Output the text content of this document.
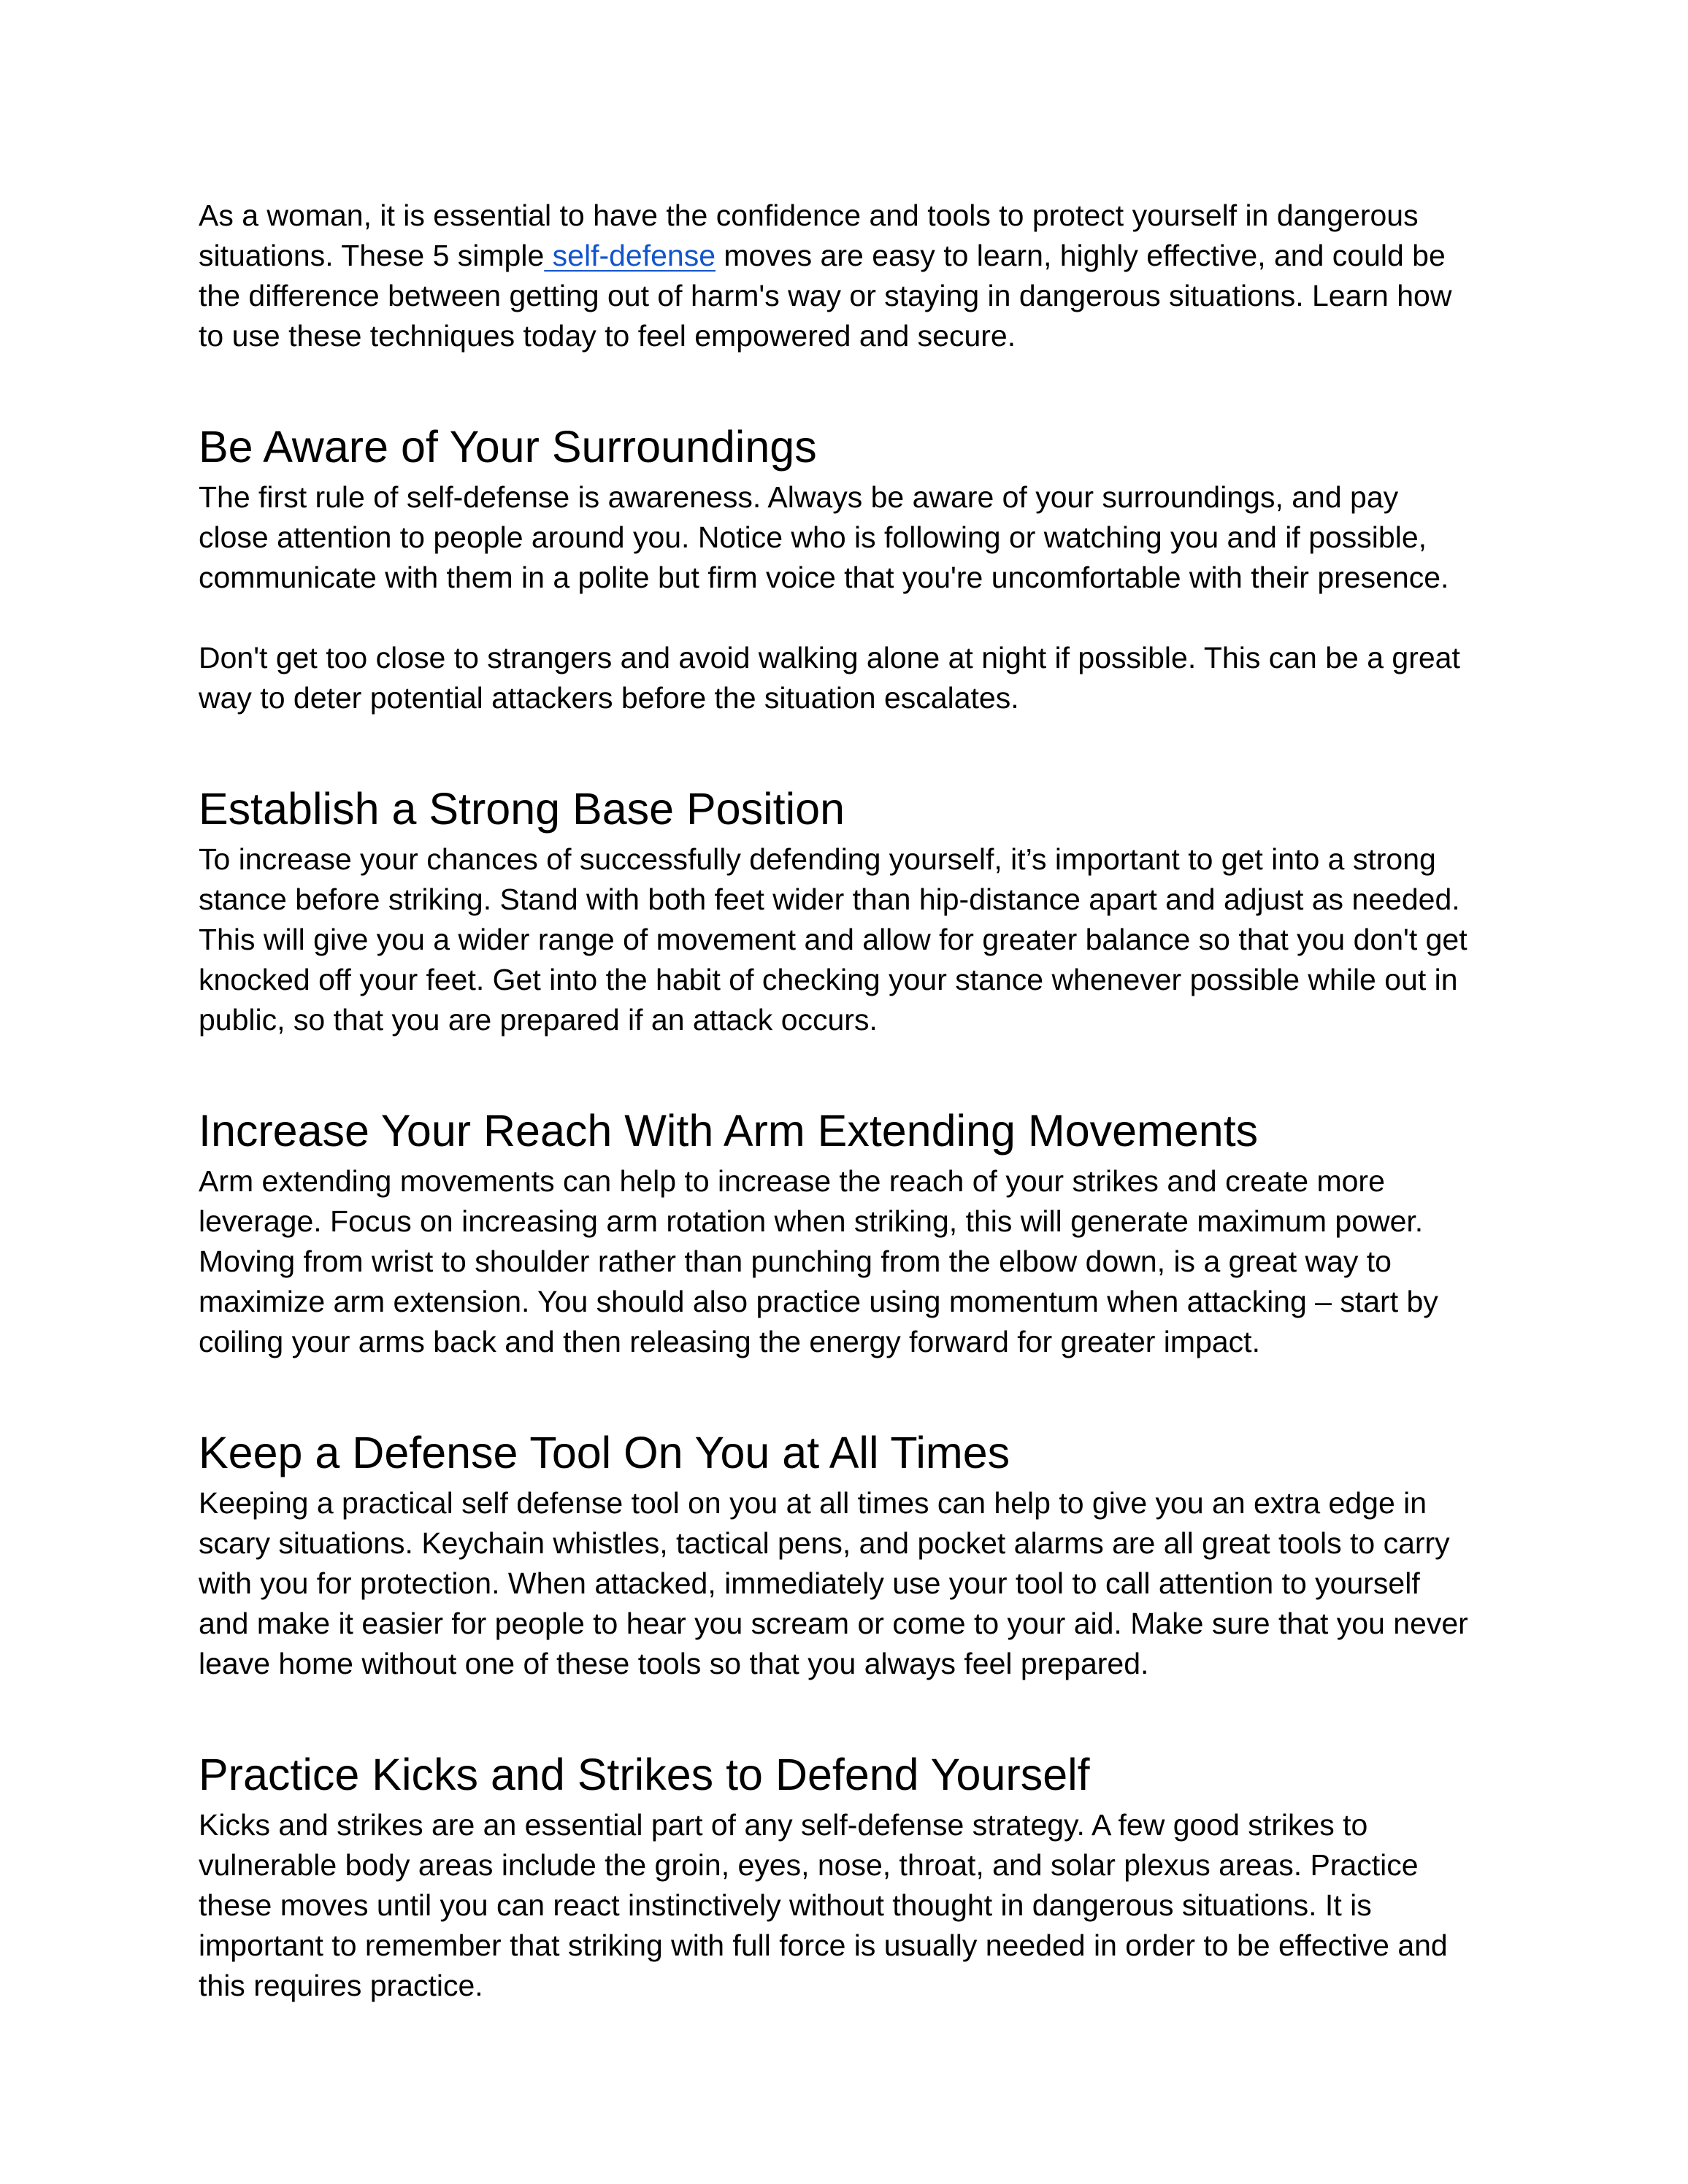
As a woman, it is essential to have the confidence and tools to protect yourself in dangerous
situations. These 5 simple self-defense moves are easy to learn, highly effective, and could be
the difference between getting out of harm's way or staying in dangerous situations. Learn how
to use these techniques today to feel empowered and secure.

Be Aware of Your Surroundings

The first rule of self-defense is awareness. Always be aware of your surroundings, and pay
close attention to people around you. Notice who is following or watching you and if possible,
communicate with them in a polite but firm voice that you're uncomfortable with their presence.

Don't get too close to strangers and avoid walking alone at night if possible. This can be a great
way to deter potential attackers before the situation escalates.

Establish a Strong Base Position

To increase your chances of successfully defending yourself, it’s important to get into a strong
stance before striking. Stand with both feet wider than hip-distance apart and adjust as needed.
This will give you a wider range of movement and allow for greater balance so that you don't get
knocked off your feet. Get into the habit of checking your stance whenever possible while out in
public, so that you are prepared if an attack occurs.

Increase Your Reach With Arm Extending Movements

Arm extending movements can help to increase the reach of your strikes and create more
leverage. Focus on increasing arm rotation when striking, this will generate maximum power.
Moving from wrist to shoulder rather than punching from the elbow down, is a great way to
maximize arm extension. You should also practice using momentum when attacking – start by
coiling your arms back and then releasing the energy forward for greater impact.

Keep a Defense Tool On You at All Times

Keeping a practical self defense tool on you at all times can help to give you an extra edge in
scary situations. Keychain whistles, tactical pens, and pocket alarms are all great tools to carry
with you for protection. When attacked, immediately use your tool to call attention to yourself
and make it easier for people to hear you scream or come to your aid. Make sure that you never
leave home without one of these tools so that you always feel prepared.

Practice Kicks and Strikes to Defend Yourself

Kicks and strikes are an essential part of any self-defense strategy. A few good strikes to
vulnerable body areas include the groin, eyes, nose, throat, and solar plexus areas. Practice
these moves until you can react instinctively without thought in dangerous situations. It is
important to remember that striking with full force is usually needed in order to be effective and
this requires practice.
